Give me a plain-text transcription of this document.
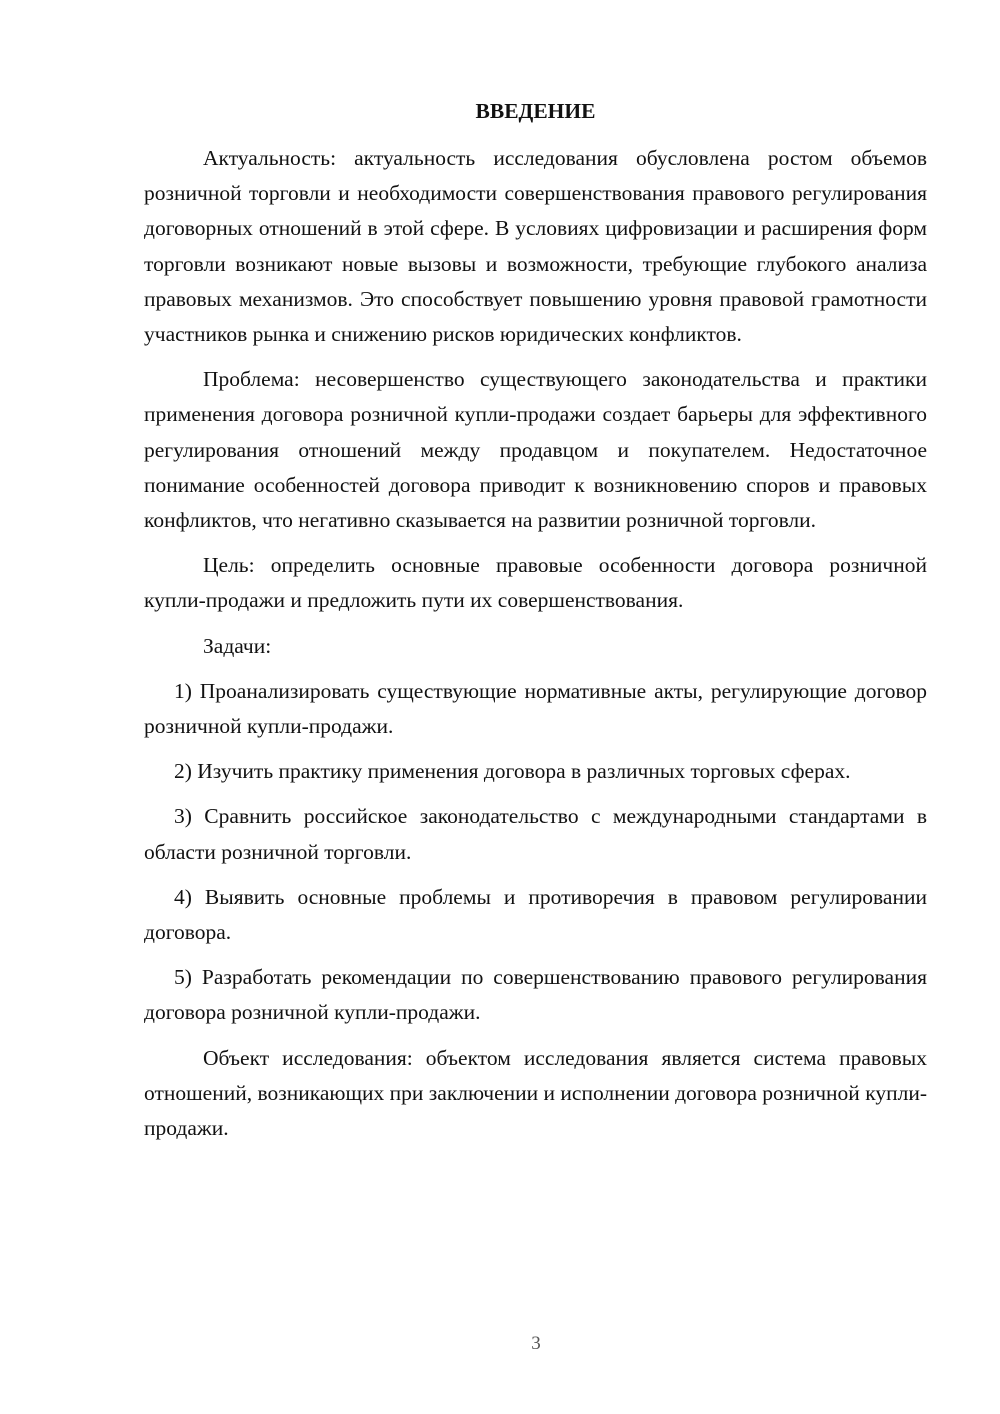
ВВЕДЕНИЕ

Актуальность: актуальность исследования обусловлена ростом объемов розничной торговли и необходимости совершенствования правового регулирования договорных отношений в этой сфере. В условиях цифровизации и расширения форм торговли возникают новые вызовы и возможности, требующие глубокого анализа правовых механизмов. Это способствует повышению уровня правовой грамотности участников рынка и снижению рисков юридических конфликтов.

Проблема: несовершенство существующего законодательства и практики применения договора розничной купли-продажи создает барьеры для эффективного регулирования отношений между продавцом и покупателем. Недостаточное понимание особенностей договора приводит к возникновению споров и правовых конфликтов, что негативно сказывается на развитии розничной торговли.

Цель: определить основные правовые особенности договора розничной купли-продажи и предложить пути их совершенствования.

Задачи:

1) Проанализировать существующие нормативные акты, регулирующие договор розничной купли-продажи.

2) Изучить практику применения договора в различных торговых сферах.

3) Сравнить российское законодательство с международными стандартами в области розничной торговли.

4) Выявить основные проблемы и противоречия в правовом регулировании договора.

5) Разработать рекомендации по совершенствованию правового регулирования договора розничной купли-продажи.

Объект исследования: объектом исследования является система правовых отношений, возникающих при заключении и исполнении договора розничной купли-продажи.

3
